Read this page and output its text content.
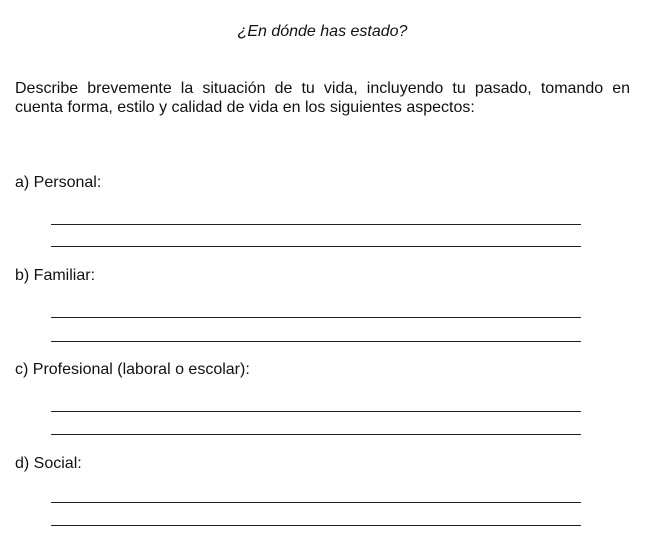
¿En dónde has estado?
Describe brevemente la situación de tu vida, incluyendo tu pasado, tomando en cuenta forma, estilo y calidad de vida en los siguientes aspectos:
a) Personal:
b) Familiar:
c) Profesional (laboral o escolar):
d) Social:
